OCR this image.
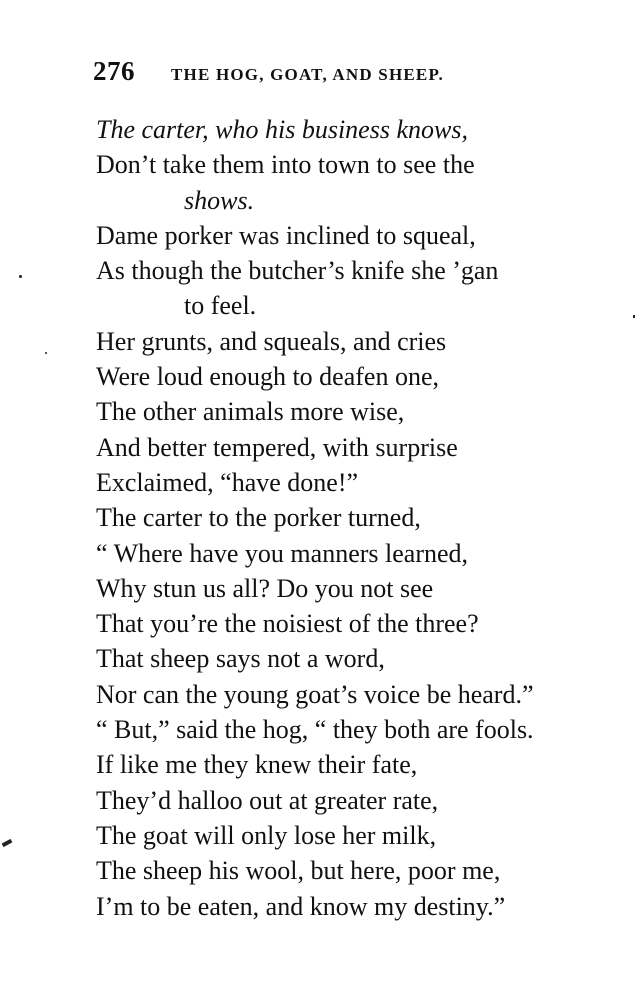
276 THE HOG, GOAT, AND SHEEP.
The carter, who his business knows,
Don’t take them into town to see the
shows.
Dame porker was inclined to squeal,
As though the butcher’s knife she ’gan
to feel.
Her grunts, and squeals, and cries
Were loud enough to deafen one,
The other animals more wise,
And better tempered, with surprise
Exclaimed, “have done!”
The carter to the porker turned,
“ Where have you manners learned,
Why stun us all? Do you not see
That you’re the noisiest of the three?
That sheep says not a word,
Nor can the young goat’s voice be heard.”
“ But,” said the hog, “ they both are fools.
If like me they knew their fate,
They’d halloo out at greater rate,
The goat will only lose her milk,
The sheep his wool, but here, poor me,
I’m to be eaten, and know my destiny.”
